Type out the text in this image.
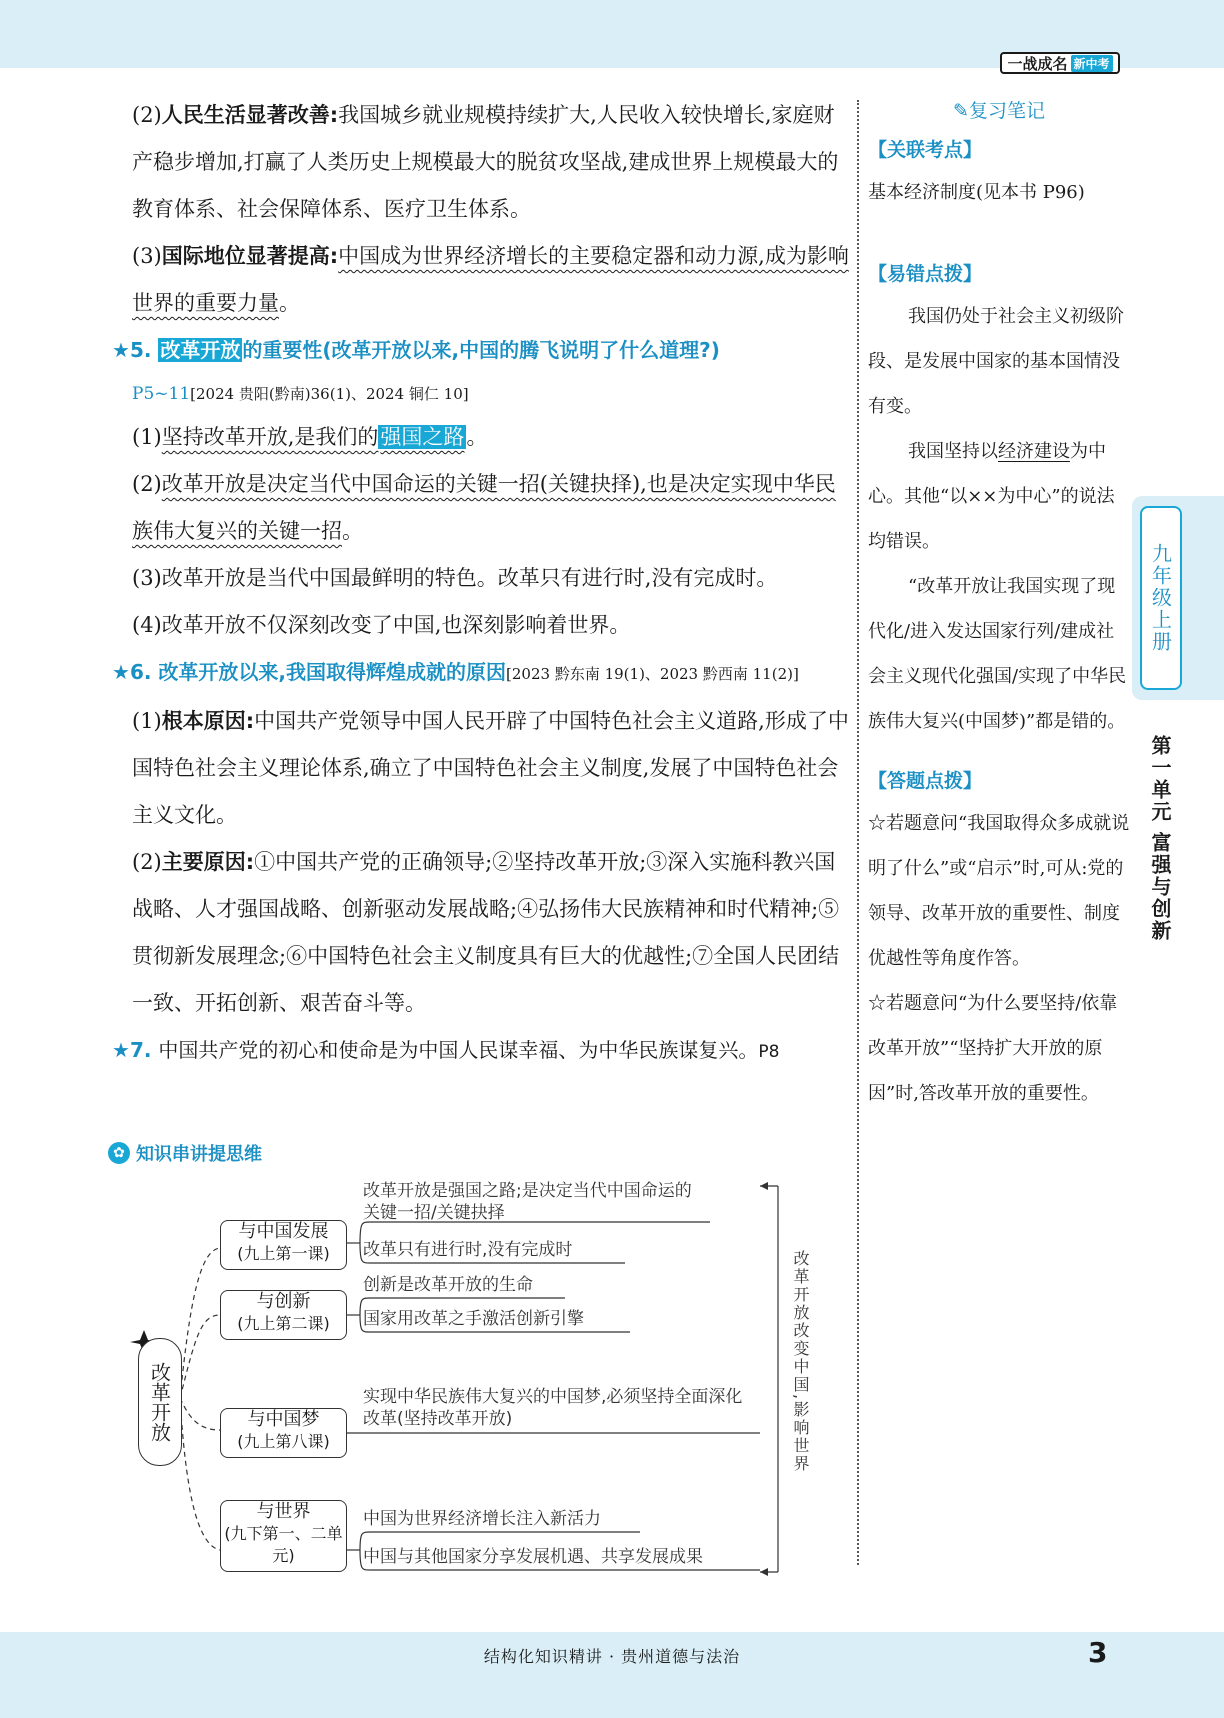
一战成名 新中考

(2)人民生活显著改善:我国城乡就业规模持续扩大,人民收入较快增长,家庭财产稳步增加,打赢了人类历史上规模最大的脱贫攻坚战,建成世界上规模最大的教育体系、社会保障体系、医疗卫生体系。

(3)国际地位显著提高:中国成为世界经济增长的主要稳定器和动力源,成为影响世界的重要力量。

★5. 改革开放 的重要性(改革开放以来,中国的腾飞说明了什么道理?)

P5~11[2024 贵阳(黔南)36(1)、2024 铜仁 10]

(1)坚持改革开放,是我们的强国之路。

(2)改革开放是决定当代中国命运的关键一招(关键抉择),也是决定实现中华民族伟大复兴的关键一招。

(3)改革开放是当代中国最鲜明的特色。改革只有进行时,没有完成时。

(4)改革开放不仅深刻改变了中国,也深刻影响着世界。

★6. 改革开放以来,我国取得辉煌成就的原因[2023 黔东南 19(1)、2023 黔西南 11(2)]

(1)根本原因:中国共产党领导中国人民开辟了中国特色社会主义道路,形成了中国特色社会主义理论体系,确立了中国特色社会主义制度,发展了中国特色社会主义文化。

(2)主要原因:①中国共产党的正确领导;②坚持改革开放;③深入实施科教兴国战略、人才强国战略、创新驱动发展战略;④弘扬伟大民族精神和时代精神;⑤贯彻新发展理念;⑥中国特色社会主义制度具有巨大的优越性;⑦全国人民团结一致、开拓创新、艰苦奋斗等。

★7. 中国共产党的初心和使命是为中国人民谋幸福、为中华民族谋复兴。P8

✿ 知识串讲提思维
改革开放
与中国发展
(九上第一课)
与创新
(九上第二课)
与中国梦
(九上第八课)
与世界
(九下第一、二单元)
改革开放是强国之路;是决定当代中国命运的关键一招/关键抉择
改革只有进行时,没有完成时
创新是改革开放的生命
国家用改革之手激活创新引擎
实现中华民族伟大复兴的中国梦,必须坚持全面深化改革(坚持改革开放)
中国为世界经济增长注入新活力
中国与其他国家分享发展机遇、共享发展成果
改革开放改变中国,影响世界

✎复习笔记

【关联考点】

基本经济制度(见本书 P96)

【易错点拨】

我国仍处于社会主义初级阶段、是发展中国家的基本国情没有变。

我国坚持以经济建设为中心。其他“以××为中心”的说法均错误。

“改革开放让我国实现了现代化/进入发达国家行列/建成社会主义现代化强国/实现了中华民族伟大复兴(中国梦)”都是错的。

【答题点拨】

☆若题意问“我国取得众多成就说明了什么”或“启示”时,可从:党的领导、改革开放的重要性、制度优越性等角度作答。

☆若题意问“为什么要坚持/依靠改革开放”“坚持扩大开放的原因”时,答改革开放的重要性。

九年级上册
第一单元 富强与创新
结构化知识精讲 · 贵州道德与法治	3
